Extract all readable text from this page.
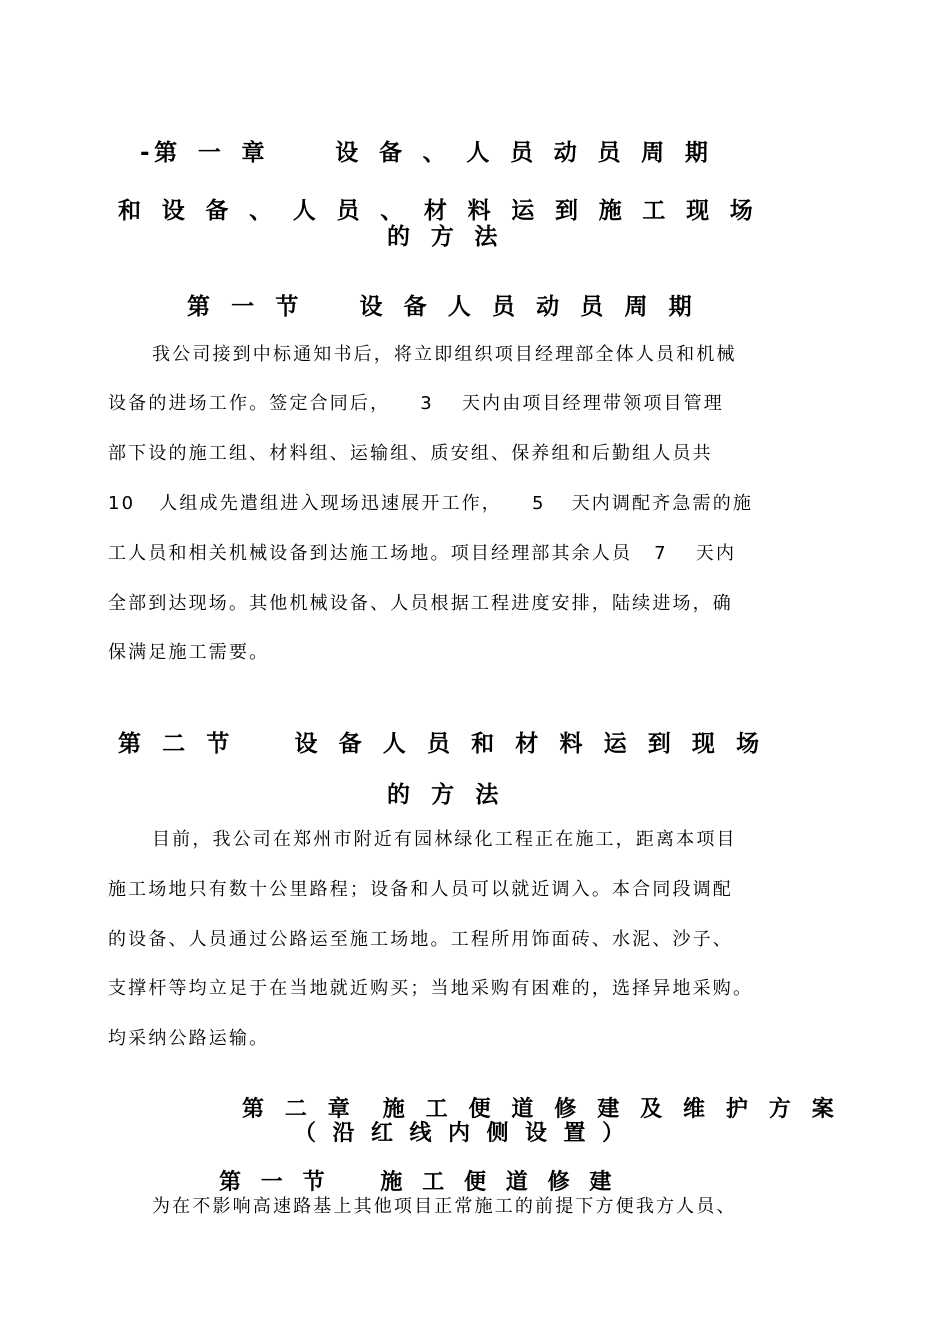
-第一章 设备、人员动员周期
和设备、人员、材料运到施工现场
的方法
第一节 设备人员动员周期
我公司接到中标通知书后，将立即组织项目经理部全体人员和机械
设备的进场工作。签定合同后， 3 天内由项目经理带领项目管理
部下设的施工组、材料组、运输组、质安组、保养组和后勤组人员共
10 人组成先遣组进入现场迅速展开工作， 5 天内调配齐急需的施
工人员和相关机械设备到达施工场地。项目经理部其余人员 7 天内
全部到达现场。其他机械设备、人员根据工程进度安排，陆续进场，确
保满足施工需要。
第二节 设备人员和材料运到现场
的方法
目前，我公司在郑州市附近有园林绿化工程正在施工，距离本项目
施工场地只有数十公里路程；设备和人员可以就近调入。本合同段调配
的设备、人员通过公路运至施工场地。工程所用饰面砖、水泥、沙子、
支撑杆等均立足于在当地就近购买；当地采购有困难的，选择异地采购。
均采纳公路运输。
第二章 施工便道修建及维护方案
（沿红线内侧设置）
第一节 施工便道修建
为在不影响高速路基上其他项目正常施工的前提下方便我方人员、
